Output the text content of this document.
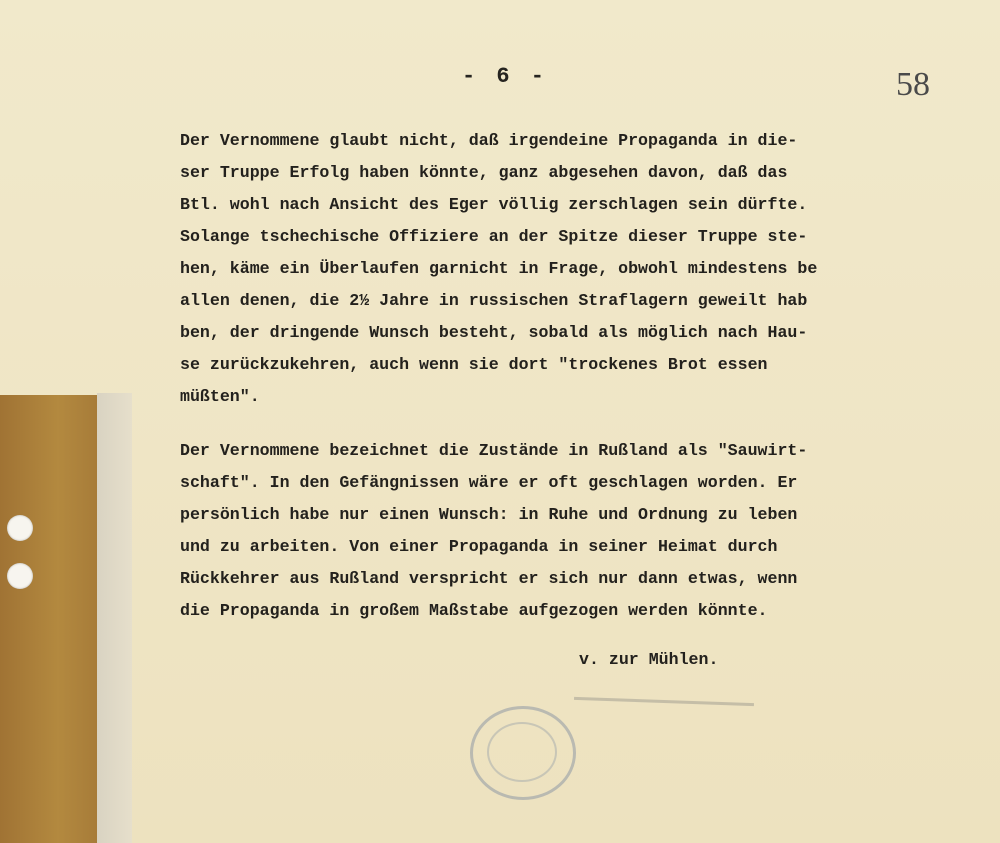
- 6 -	58
Der Vernommene glaubt nicht, daß irgendeine Propaganda in die-
ser Truppe Erfolg haben könnte, ganz abgesehen davon, daß das
Btl. wohl nach Ansicht des Eger völlig zerschlagen sein dürfte.
Solange tschechische Offiziere an der Spitze dieser Truppe ste-
hen, käme ein Überlaufen garnicht in Frage, obwohl mindestens be
allen denen, die 2½ Jahre in russischen Straflagern geweilt hab
ben, der dringende Wunsch besteht, sobald als möglich nach Hau-
se zurückzukehren, auch wenn sie dort "trockenes Brot essen
müßten".
Der Vernommene bezeichnet die Zustände in Rußland als "Sauwirt-
schaft". In den Gefängnissen wäre er oft geschlagen worden. Er
persönlich habe nur einen Wunsch: in Ruhe und Ordnung zu leben
und zu arbeiten. Von einer Propaganda in seiner Heimat durch
Rückkehrer aus Rußland verspricht er sich nur dann etwas, wenn
die Propaganda in großem Maßstabe aufgezogen werden könnte.
v. zur Mühlen.
